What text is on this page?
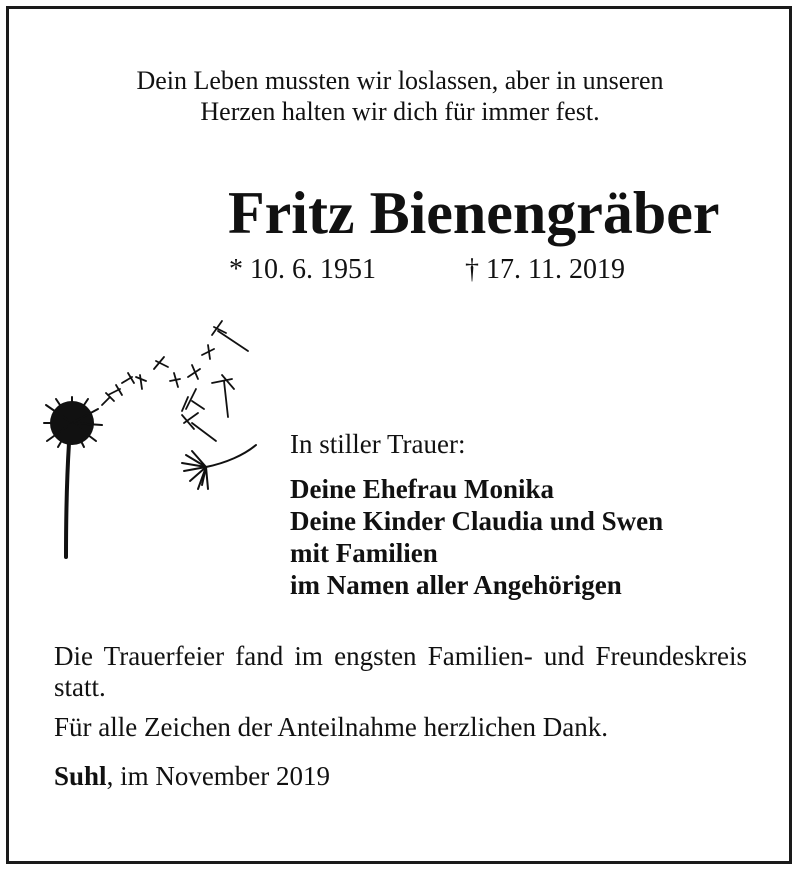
Dein Leben mussten wir loslassen, aber in unseren
Herzen halten wir dich für immer fest.
Fritz Bienengräber
* 10. 6. 1951	† 17. 11. 2019
In stiller Trauer:
Deine Ehefrau Monika
Deine Kinder Claudia und Swen
mit Familien
im Namen aller Angehörigen
Die Trauerfeier fand im engsten Familien- und Freundeskreis statt.
Für alle Zeichen der Anteilnahme herzlichen Dank.
Suhl, im November 2019
